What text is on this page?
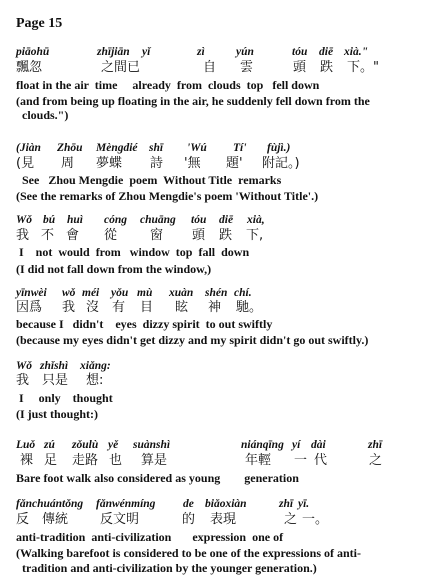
Page 15
piāohū	zhījiān yǐ	zì	yún	tóu diē xià."
飄忽	之間已	自 雲	頭 跌 下。"
float in the air  time     already  from  clouds  top   fell down
(and from being up floating in the air, he suddenly fell down from the
clouds.")
(Jiàn Zhōu Mèngdié shī 'Wú Tí' fùjì.)
(見 周 夢蝶 詩 '無 題' 附記。)
See   Zhou Mengdie  poem  Without Title  remarks
(See the remarks of Zhou Mengdie's poem 'Without Title'.)
Wǒ bú huì cóng chuāng tóu diē xià,
我 不 會 從	窗 頭 跌 下,
I    not  would  from   window  top  fall  down
(I did not fall down from the window,)
yīnwèi wǒ méi yǒu mù xuàn shén chí.
因爲 我 沒 有 目 眩 神 馳。
because I   didn't    eyes  dizzy spirit  to out swiftly
(because my eyes didn't get dizzy and my spirit didn't go out swiftly.)
Wǒ zhǐshì xiǎng:
我 只是 想:
I     only    thought
(I just thought:)
Luǒ zú zǒulù yě suànshì	niánqīng yí dài	zhī
裸 足 走路 也 算是	年輕 一 代	之
Bare foot walk also considered as young        generation
fǎnchuántǒng fǎnwénmíng de biǎoxiàn	zhī yī.
反 傳統 反文明	的 表現	之 一。
anti-tradition  anti-civilization       expression  one of
(Walking barefoot is considered to be one of the expressions of anti-
tradition and anti-civilization by the younger generation.)
